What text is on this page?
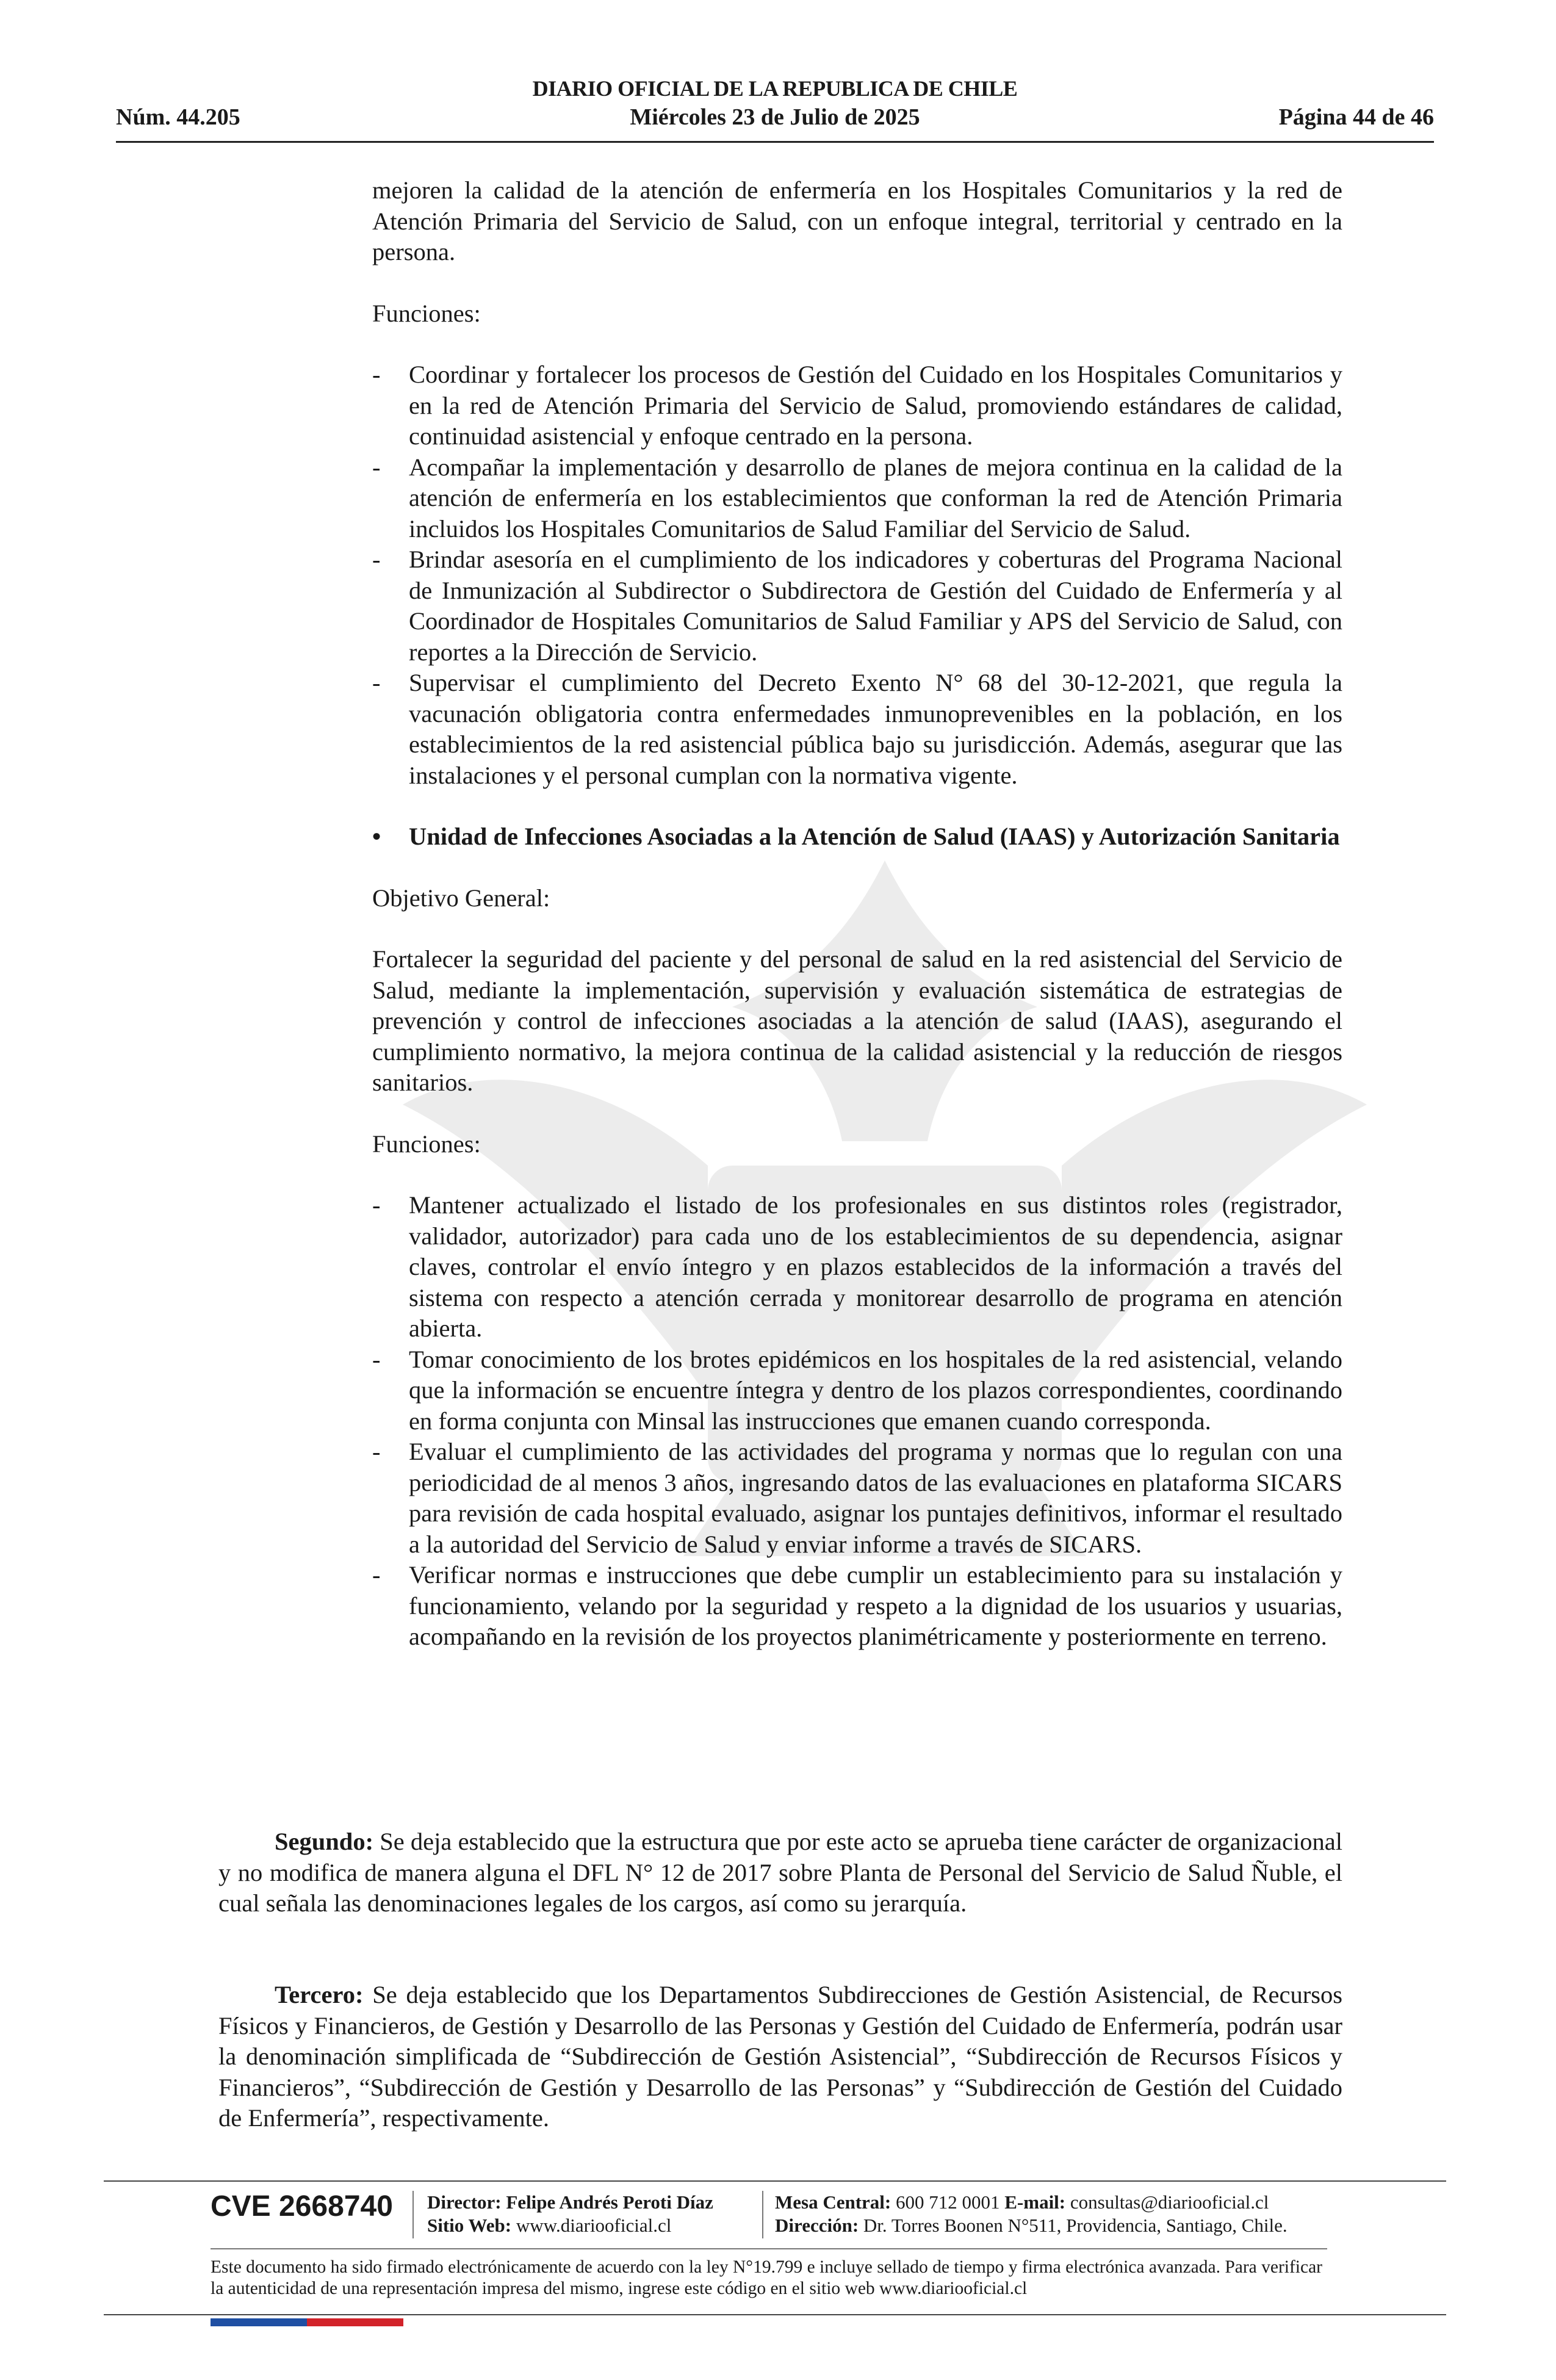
Núm. 44.205
DIARIO OFICIAL DE LA REPUBLICA DE CHILE
Miércoles 23 de Julio de 2025	Página 44 de 46

mejoren la calidad de la atención de enfermería en los Hospitales Comunitarios y la red de Atención Primaria del Servicio de Salud, con un enfoque integral, territorial y centrado en la persona.

Funciones:

- Coordinar y fortalecer los procesos de Gestión del Cuidado en los Hospitales Comunitarios y en la red de Atención Primaria del Servicio de Salud, promoviendo estándares de calidad, continuidad asistencial y enfoque centrado en la persona.
- Acompañar la implementación y desarrollo de planes de mejora continua en la calidad de la atención de enfermería en los establecimientos que conforman la red de Atención Primaria incluidos los Hospitales Comunitarios de Salud Familiar del Servicio de Salud.
- Brindar asesoría en el cumplimiento de los indicadores y coberturas del Programa Nacional de Inmunización al Subdirector o Subdirectora de Gestión del Cuidado de Enfermería y al Coordinador de Hospitales Comunitarios de Salud Familiar y APS del Servicio de Salud, con reportes a la Dirección de Servicio.
- Supervisar el cumplimiento del Decreto Exento N° 68 del 30-12-2021, que regula la vacunación obligatoria contra enfermedades inmunoprevenibles en la población, en los establecimientos de la red asistencial pública bajo su jurisdicción. Además, asegurar que las instalaciones y el personal cumplan con la normativa vigente.
• Unidad de Infecciones Asociadas a la Atención de Salud (IAAS) y Autorización Sanitaria

Objetivo General:

Fortalecer la seguridad del paciente y del personal de salud en la red asistencial del Servicio de Salud, mediante la implementación, supervisión y evaluación sistemática de estrategias de prevención y control de infecciones asociadas a la atención de salud (IAAS), asegurando el cumplimiento normativo, la mejora continua de la calidad asistencial y la reducción de riesgos sanitarios.

Funciones:

- Mantener actualizado el listado de los profesionales en sus distintos roles (registrador, validador, autorizador) para cada uno de los establecimientos de su dependencia, asignar claves, controlar el envío íntegro y en plazos establecidos de la información a través del sistema con respecto a atención cerrada y monitorear desarrollo de programa en atención abierta.
- Tomar conocimiento de los brotes epidémicos en los hospitales de la red asistencial, velando que la información se encuentre íntegra y dentro de los plazos correspondientes, coordinando en forma conjunta con Minsal las instrucciones que emanen cuando corresponda.
- Evaluar el cumplimiento de las actividades del programa y normas que lo regulan con una periodicidad de al menos 3 años, ingresando datos de las evaluaciones en plataforma SICARS para revisión de cada hospital evaluado, asignar los puntajes definitivos, informar el resultado a la autoridad del Servicio de Salud y enviar informe a través de SICARS.
- Verificar normas e instrucciones que debe cumplir un establecimiento para su instalación y funcionamiento, velando por la seguridad y respeto a la dignidad de los usuarios y usuarias, acompañando en la revisión de los proyectos planimétricamente y posteriormente en terreno.

Segundo: Se deja establecido que la estructura que por este acto se aprueba tiene carácter de organizacional y no modifica de manera alguna el DFL N° 12 de 2017 sobre Planta de Personal del Servicio de Salud Ñuble, el cual señala las denominaciones legales de los cargos, así como su jerarquía.

Tercero: Se deja establecido que los Departamentos Subdirecciones de Gestión Asistencial, de Recursos Físicos y Financieros, de Gestión y Desarrollo de las Personas y Gestión del Cuidado de Enfermería, podrán usar la denominación simplificada de “Subdirección de Gestión Asistencial”, “Subdirección de Recursos Físicos y Financieros”, “Subdirección de Gestión y Desarrollo de las Personas” y “Subdirección de Gestión del Cuidado de Enfermería”, respectivamente.

CVE 2668740 Director: Felipe Andrés Peroti Díaz
Sitio Web: www.diariooficial.cl
Mesa Central: 600 712 0001 E-mail: consultas@diariooficial.cl
Dirección: Dr. Torres Boonen N°511, Providencia, Santiago, Chile.
Este documento ha sido firmado electrónicamente de acuerdo con la ley N°19.799 e incluye sellado de tiempo y firma electrónica avanzada. Para verificar la autenticidad de una representación impresa del mismo, ingrese este código en el sitio web www.diariooficial.cl
